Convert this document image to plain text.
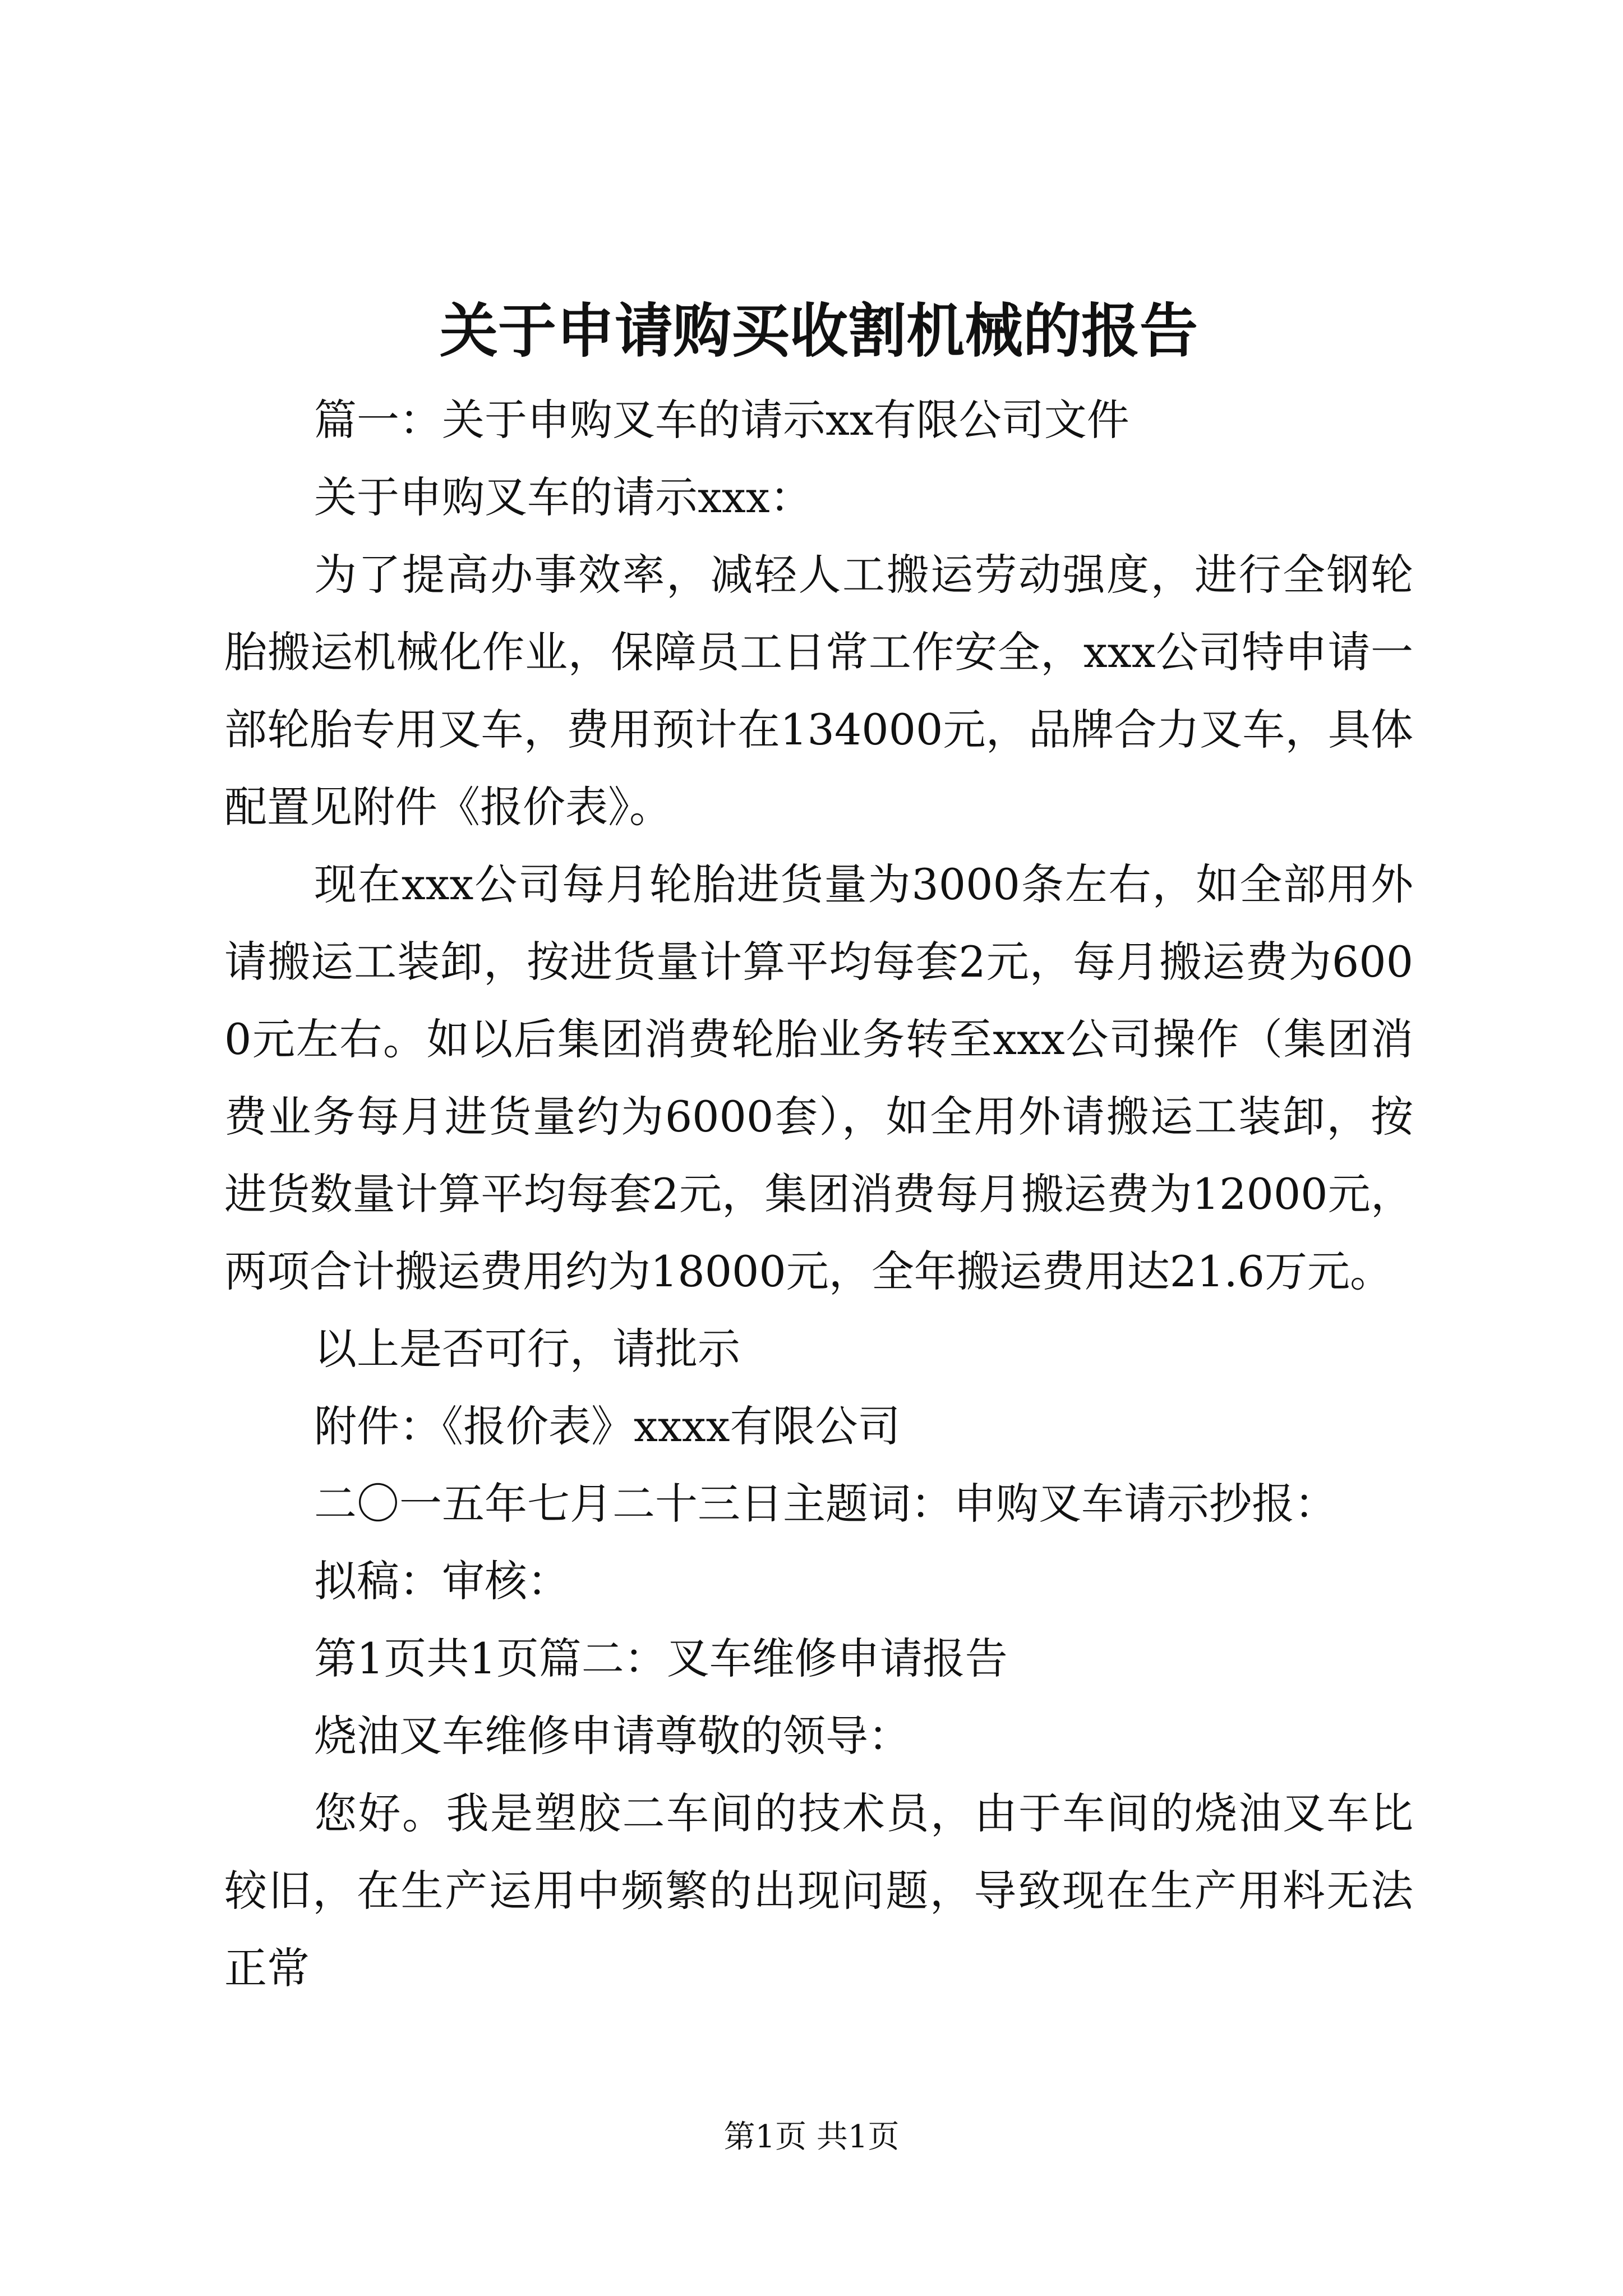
关于申请购买收割机械的报告

篇一：关于申购叉车的请示xx有限公司文件

关于申购叉车的请示xxx：

为了提高办事效率，减轻人工搬运劳动强度，进行全钢轮胎搬运机械化作业，保障员工日常工作安全，xxx公司特申请一部轮胎专用叉车，费用预计在134000元，品牌合力叉车，具体配置见附件《报价表》。

现在xxx公司每月轮胎进货量为3000条左右，如全部用外请搬运工装卸，按进货量计算平均每套2元，每月搬运费为6000元左右。如以后集团消费轮胎业务转至xxx公司操作（集团消费业务每月进货量约为6000套），如全用外请搬运工装卸，按进货数量计算平均每套2元，集团消费每月搬运费为12000元，两项合计搬运费用约为18000元，全年搬运费用达21.6万元。

以上是否可行，请批示

附件：《报价表》xxxx有限公司

二〇一五年七月二十三日主题词：申购叉车请示抄报：

拟稿：审核：

第1页共1页篇二：叉车维修申请报告

烧油叉车维修申请尊敬的领导：

您好。我是塑胶二车间的技术员，由于车间的烧油叉车比较旧，在生产运用中频繁的出现问题，导致现在生产用料无法正常

第1页 共1页
